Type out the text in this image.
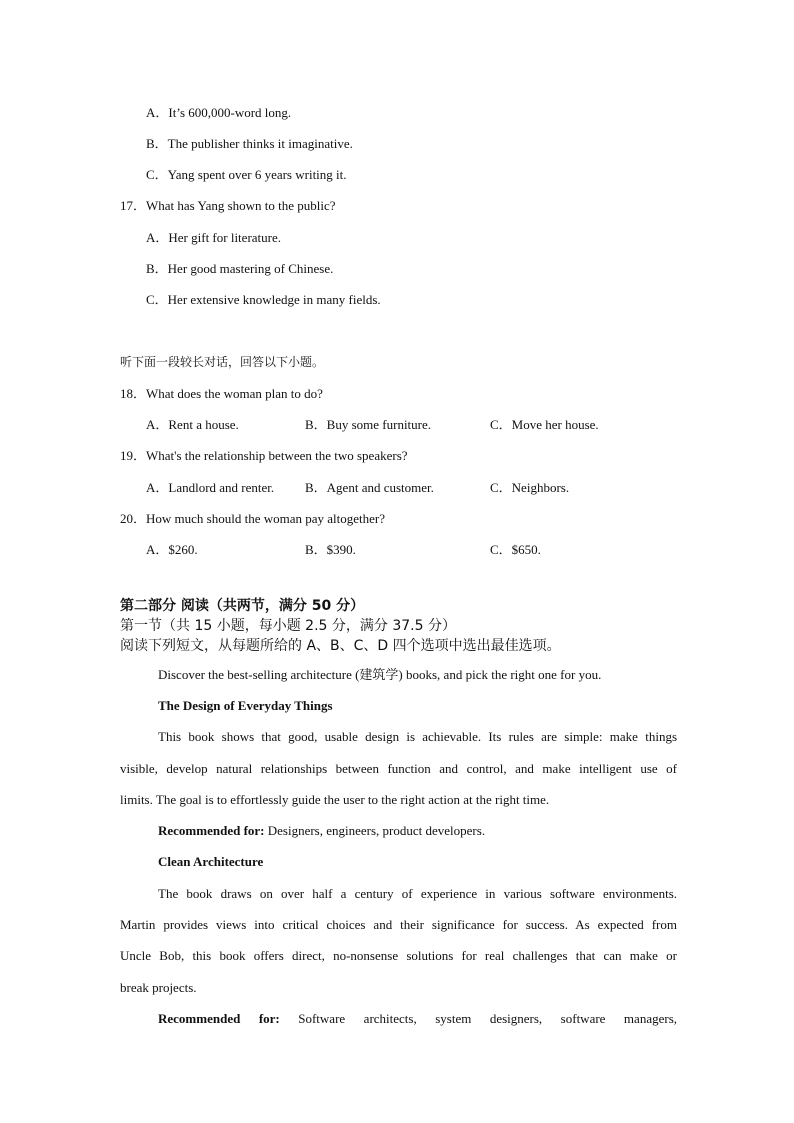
A．It’s 600,000-word long.
B．The publisher thinks it imaginative.
C．Yang spent over 6 years writing it.
17．What has Yang shown to the public?
A．Her gift for literature.
B．Her good mastering of Chinese.
C．Her extensive knowledge in many fields.
听下面一段较长对话，回答以下小题。
18．What does the woman plan to do?
A．Rent a house.	B．Buy some furniture.	C．Move her house.
19．What's the relationship between the two speakers?
A．Landlord and renter. B．Agent and customer.	C．Neighbors.
20．How much should the woman pay altogether?
A．$260.	B．$390.	C．$650.
第二部分 阅读（共两节，满分 50 分）
第一节（共 15 小题，每小题 2.5 分，满分 37.5 分）
阅读下列短文，从每题所给的 A、B、C、D 四个选项中选出最佳选项。
Discover the best-selling architecture (建筑学) books, and pick the right one for you.
The Design of Everyday Things
This book shows that good, usable design is achievable. Its rules are simple: make things
visible, develop natural relationships between function and control, and make intelligent use of
limits. The goal is to effortlessly guide the user to the right action at the right time.
Recommended for: Designers, engineers, product developers.
Clean Architecture
The book draws on over half a century of experience in various software environments.
Martin provides views into critical choices and their significance for success. As expected from
Uncle Bob, this book offers direct, no-nonsense solutions for real challenges that can make or
break projects.
Recommended for: Software architects, system designers, software managers,
